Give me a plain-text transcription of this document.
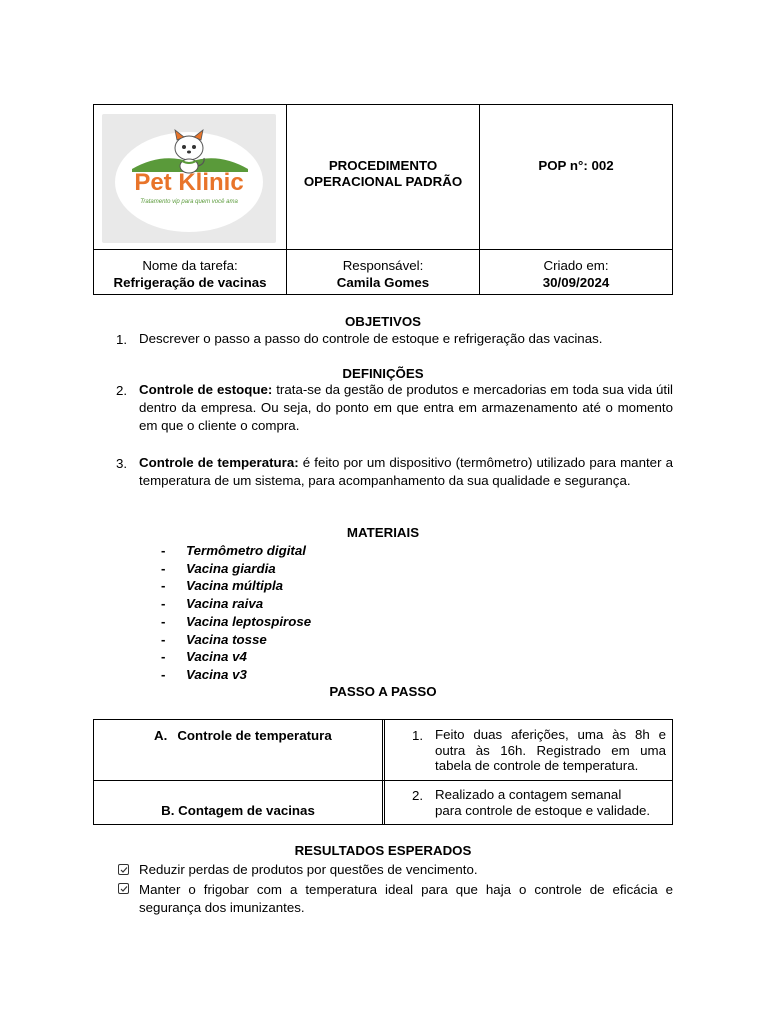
Pet Klinic
Tratamento vip para quem você ama
PROCEDIMENTO
OPERACIONAL PADRÃO
POP n°: 002
Nome da tarefa:
Refrigeração de vacinas
Responsável:
Camila Gomes
Criado em:
30/09/2024
OBJETIVOS
1. Descrever o passo a passo do controle de estoque e refrigeração das vacinas.
DEFINIÇÕES
2. Controle de estoque: trata-se da gestão de produtos e mercadorias em toda sua vida útil dentro da empresa. Ou seja, do ponto em que entra em armazenamento até o momento em que o cliente o compra.
3. Controle de temperatura: é feito por um dispositivo (termômetro) utilizado para manter a temperatura de um sistema, para acompanhamento da sua qualidade e segurança.
MATERIAIS
- Termômetro digital
- Vacina giardia
- Vacina múltipla
- Vacina raiva
- Vacina leptospirose
- Vacina tosse
- Vacina v4
- Vacina v3
PASSO A PASSO
A. Controle de temperatura	1. Feito duas aferições, uma às 8h e outra às 16h. Registrado em uma tabela de controle de temperatura.
B. Contagem de vacinas
2. Realizado a contagem semanal
para controle de estoque e validade.
RESULTADOS ESPERADOS
Reduzir perdas de produtos por questões de vencimento.
Manter o frigobar com a temperatura ideal para que haja o controle de eficácia e segurança dos imunizantes.
